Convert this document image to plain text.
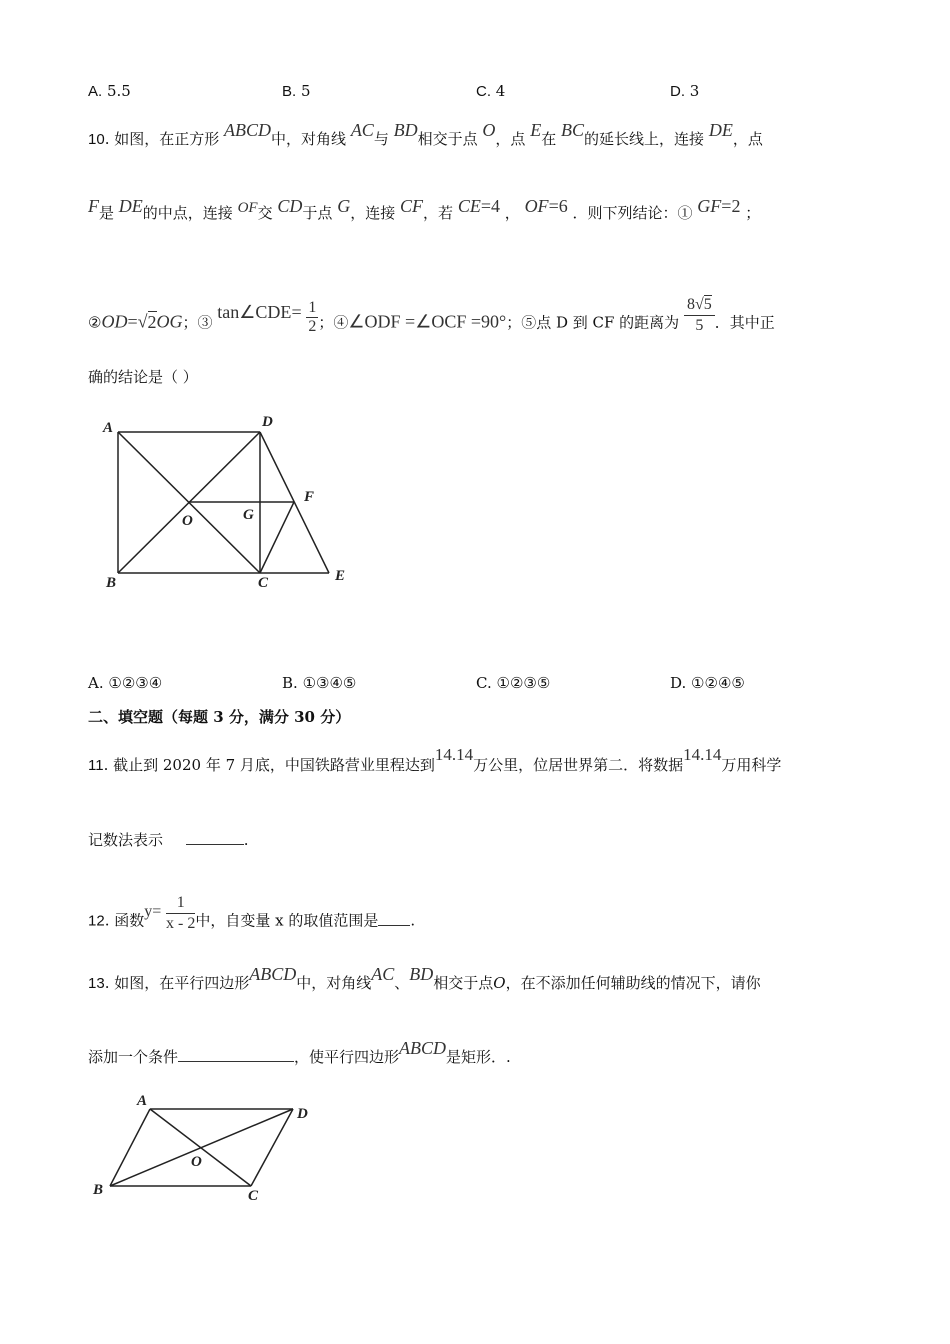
A. 5.5	B. 5	C. 4	D. 3
10. 如图，在正方形 ABCD中，对角线 AC与 BD相交于点 O，点 E在 BC的延长线上，连接 DE，点
F是 DE的中点，连接 OF交 CD于点 G，连接 CF，若 CE=4 ， OF=6 ．则下列结论：① GF=2 ；
②OD=√2OG；③ tan∠CDE= $\frac{1}{2}$ ；④∠ODF =∠OCF =90°；⑤点 D 到 CF 的距离为 $\frac{8√5}{5}$ ．其中正
确的结论是（ ）
A	D
B	C	E
F
G
O
A. ①②③④	B. ①③④⑤	C. ①②③⑤	D. ①②④⑤
二、填空题（每题 3 分，满分 30 分）
11. 截止到 2020 年 7 月底，中国铁路营业里程达到14.14万公里，位居世界第二．将数据14.14万用科学
记数法表示	.
12. 函数$y= \frac{1}{x - 2}$ 中，自变量 x 的取值范围是 .
13. 如图，在平行四边形ABCD中，对角线AC、BD相交于点O，在不添加任何辅助线的情况下，请你
添加一个条件	，使平行四边形ABCD是矩形．.
A
D
B	C
O
